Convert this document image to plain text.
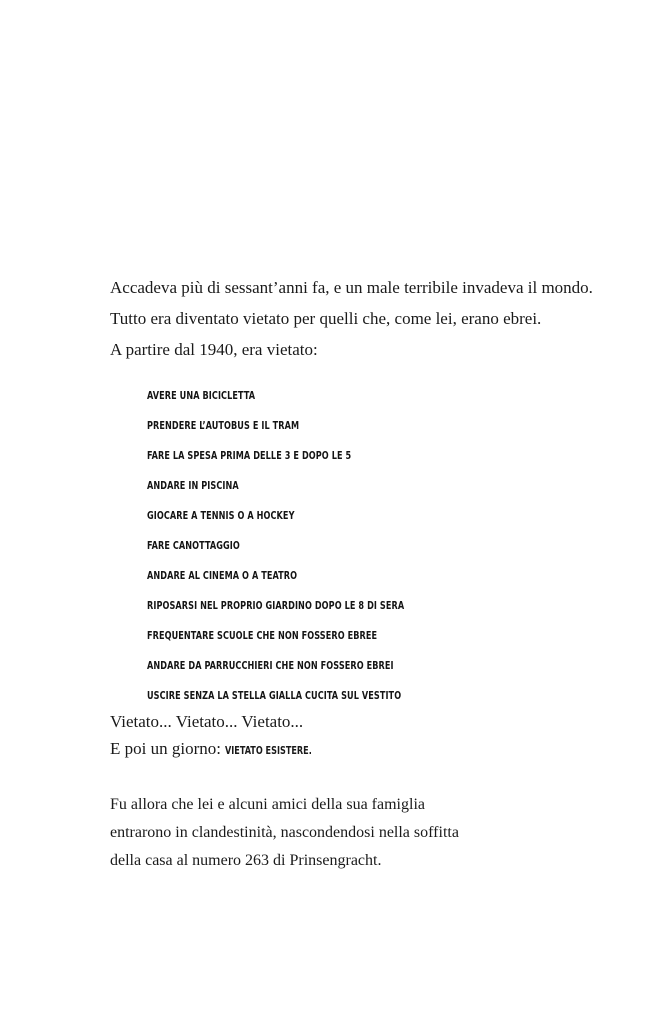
Accadeva più di sessant’anni fa, e un male terribile invadeva il mondo.

Tutto era diventato vietato per quelli che, come lei, erano ebrei.

A partire dal 1940, era vietato:

AVERE UNA BICICLETTA
PRENDERE L’AUTOBUS E IL TRAM
FARE LA SPESA PRIMA DELLE 3 E DOPO LE 5
ANDARE IN PISCINA
GIOCARE A TENNIS O A HOCKEY
FARE CANOTTAGGIO
ANDARE AL CINEMA O A TEATRO
RIPOSARSI NEL PROPRIO GIARDINO DOPO LE 8 DI SERA
FREQUENTARE SCUOLE CHE NON FOSSERO EBREE
ANDARE DA PARRUCCHIERI CHE NON FOSSERO EBREI
USCIRE SENZA LA STELLA GIALLA CUCITA SUL VESTITO

Vietato... Vietato... Vietato...

E poi un giorno: VIETATO ESISTERE.

Fu allora che lei e alcuni amici della sua famiglia

entrarono in clandestinità, nascondendosi nella soffitta

della casa al numero 263 di Prinsengracht.
